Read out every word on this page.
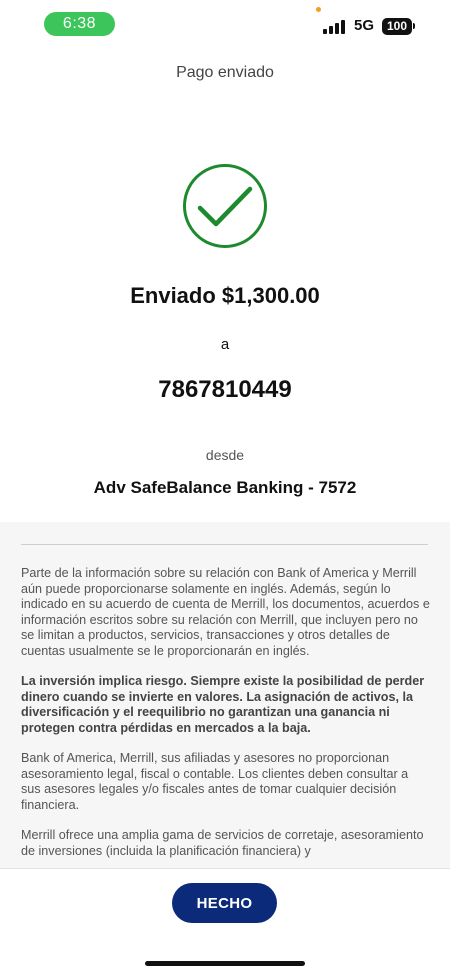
6:38	5G	100
Pago enviado
Enviado $1,300.00
a
7867810449
desde
Adv SafeBalance Banking - 7572

Parte de la información sobre su relación con Bank of America y Merrill aún puede proporcionarse solamente en inglés. Además, según lo indicado en su acuerdo de cuenta de Merrill, los documentos, acuerdos e información escritos sobre su relación con Merrill, que incluyen pero no se limitan a productos, servicios, transacciones y otros detalles de cuentas usualmente se le proporcionarán en inglés.

La inversión implica riesgo. Siempre existe la posibilidad de perder dinero cuando se invierte en valores. La asignación de activos, la diversificación y el reequilibrio no garantizan una ganancia ni protegen contra pérdidas en mercados a la baja.

Bank of America, Merrill, sus afiliadas y asesores no proporcionan asesoramiento legal, fiscal o contable. Los clientes deben consultar a sus asesores legales y/o fiscales antes de tomar cualquier decisión financiera.

Merrill ofrece una amplia gama de servicios de corretaje, asesoramiento de inversiones (incluida la planificación financiera) y

HECHO
